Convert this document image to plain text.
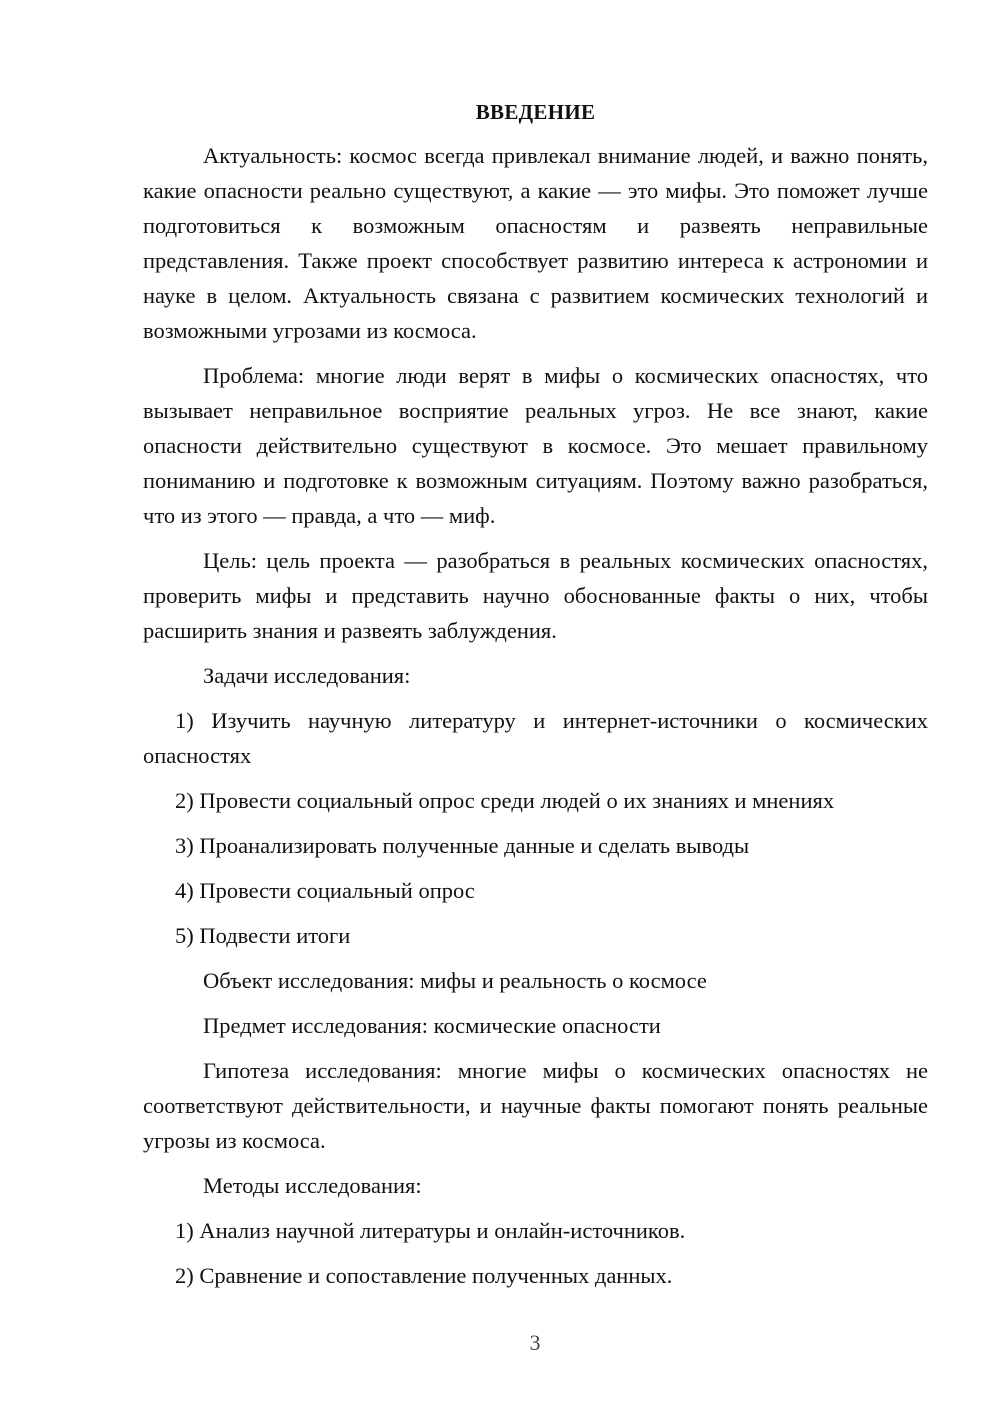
ВВЕДЕНИЕ

Актуальность: космос всегда привлекал внимание людей, и важно понять, какие опасности реально существуют, а какие — это мифы. Это поможет лучше подготовиться к возможным опасностям и развеять неправильные представления. Также проект способствует развитию интереса к астрономии и науке в целом. Актуальность связана с развитием космических технологий и возможными угрозами из космоса.

Проблема: многие люди верят в мифы о космических опасностях, что вызывает неправильное восприятие реальных угроз. Не все знают, какие опасности действительно существуют в космосе. Это мешает правильному пониманию и подготовке к возможным ситуациям. Поэтому важно разобраться, что из этого — правда, а что — миф.

Цель: цель проекта — разобраться в реальных космических опасностях, проверить мифы и представить научно обоснованные факты о них, чтобы расширить знания и развеять заблуждения.

Задачи исследования:

1) Изучить научную литературу и интернет-источники о космических опасностях

2) Провести социальный опрос среди людей о их знаниях и мнениях

3) Проанализировать полученные данные и сделать выводы

4) Провести социальный опрос

5) Подвести итоги

Объект исследования: мифы и реальность о космосе

Предмет исследования: космические опасности

Гипотеза исследования: многие мифы о космических опасностях не соответствуют действительности, и научные факты помогают понять реальные угрозы из космоса.

Методы исследования:

1) Анализ научной литературы и онлайн-источников.

2) Сравнение и сопоставление полученных данных.

3
